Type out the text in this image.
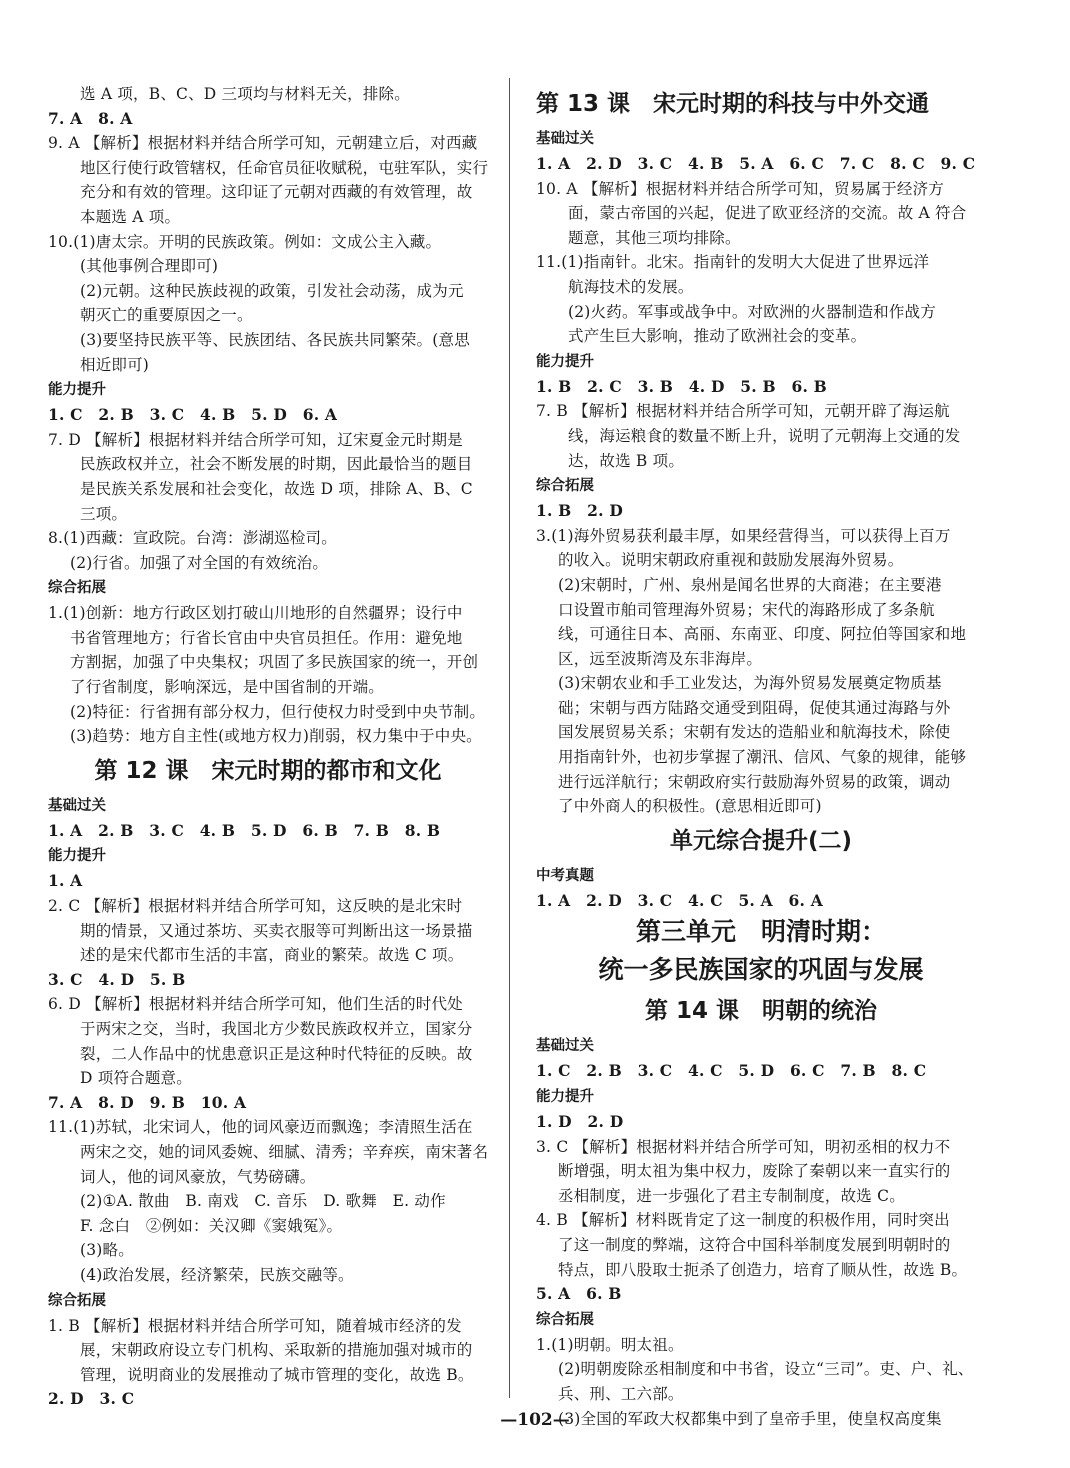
选 A 项，B、C、D 三项均与材料无关，排除。
7. A　8. A
9. A 【解析】根据材料并结合所学可知，元朝建立后，对西藏
地区行使行政管辖权，任命官员征收赋税，屯驻军队，实行
充分和有效的管理。这印证了元朝对西藏的有效管理，故
本题选 A 项。
10.(1)唐太宗。开明的民族政策。例如：文成公主入藏。
(其他事例合理即可)
(2)元朝。这种民族歧视的政策，引发社会动荡，成为元
朝灭亡的重要原因之一。
(3)要坚持民族平等、民族团结、各民族共同繁荣。(意思
相近即可)
能力提升
1. C　2. B　3. C　4. B　5. D　6. A
7. D 【解析】根据材料并结合所学可知，辽宋夏金元时期是
民族政权并立，社会不断发展的时期，因此最恰当的题目
是民族关系发展和社会变化，故选 D 项，排除 A、B、C
三项。
8.(1)西藏：宣政院。台湾：澎湖巡检司。
(2)行省。加强了对全国的有效统治。
综合拓展
1.(1)创新：地方行政区划打破山川地形的自然疆界；设行中
书省管理地方；行省长官由中央官员担任。作用：避免地
方割据，加强了中央集权；巩固了多民族国家的统一，开创
了行省制度，影响深远，是中国省制的开端。
(2)特征：行省拥有部分权力，但行使权力时受到中央节制。
(3)趋势：地方自主性(或地方权力)削弱，权力集中于中央。
第 12 课　宋元时期的都市和文化
基础过关
1. A　2. B　3. C　4. B　5. D　6. B　7. B　8. B
能力提升
1. A
2. C 【解析】根据材料并结合所学可知，这反映的是北宋时
期的情景，又通过茶坊、买卖衣服等可判断出这一场景描
述的是宋代都市生活的丰富，商业的繁荣。故选 C 项。
3. C　4. D　5. B
6. D 【解析】根据材料并结合所学可知，他们生活的时代处
于两宋之交，当时，我国北方少数民族政权并立，国家分
裂，二人作品中的忧患意识正是这种时代特征的反映。故
D 项符合题意。
7. A　8. D　9. B　10. A
11.(1)苏轼，北宋词人，他的词风豪迈而飘逸；李清照生活在
两宋之交，她的词风委婉、细腻、清秀；辛弃疾，南宋著名
词人，他的词风豪放，气势磅礴。
(2)①A. 散曲　B. 南戏　C. 音乐　D. 歌舞　E. 动作
F. 念白　②例如：关汉卿《窦娥冤》。
(3)略。
(4)政治发展，经济繁荣，民族交融等。
综合拓展
1. B 【解析】根据材料并结合所学可知，随着城市经济的发
展，宋朝政府设立专门机构、采取新的措施加强对城市的
管理，说明商业的发展推动了城市管理的变化，故选 B。
2. D　3. C
第 13 课　宋元时期的科技与中外交通
基础过关
1. A　2. D　3. C　4. B　5. A　6. C　7. C　8. C　9. C
10. A 【解析】根据材料并结合所学可知，贸易属于经济方
面，蒙古帝国的兴起，促进了欧亚经济的交流。故 A 符合
题意，其他三项均排除。
11.(1)指南针。北宋。指南针的发明大大促进了世界远洋
航海技术的发展。
(2)火药。军事或战争中。对欧洲的火器制造和作战方
式产生巨大影响，推动了欧洲社会的变革。
能力提升
1. B　2. C　3. B　4. D　5. B　6. B
7. B 【解析】根据材料并结合所学可知，元朝开辟了海运航
线，海运粮食的数量不断上升，说明了元朝海上交通的发
达，故选 B 项。
综合拓展
1. B　2. D
3.(1)海外贸易获利最丰厚，如果经营得当，可以获得上百万
的收入。说明宋朝政府重视和鼓励发展海外贸易。
(2)宋朝时，广州、泉州是闻名世界的大商港；在主要港
口设置市舶司管理海外贸易；宋代的海路形成了多条航
线，可通往日本、高丽、东南亚、印度、阿拉伯等国家和地
区，远至波斯湾及东非海岸。
(3)宋朝农业和手工业发达，为海外贸易发展奠定物质基
础；宋朝与西方陆路交通受到阻碍，促使其通过海路与外
国发展贸易关系；宋朝有发达的造船业和航海技术，除使
用指南针外，也初步掌握了潮汛、信风、气象的规律，能够
进行远洋航行；宋朝政府实行鼓励海外贸易的政策，调动
了中外商人的积极性。(意思相近即可)
单元综合提升(二)
中考真题
1. A　2. D　3. C　4. C　5. A　6. A
第三单元　明清时期：
统一多民族国家的巩固与发展
第 14 课　明朝的统治
基础过关
1. C　2. B　3. C　4. C　5. D　6. C　7. B　8. C
能力提升
1. D　2. D
3. C 【解析】根据材料并结合所学可知，明初丞相的权力不
断增强，明太祖为集中权力，废除了秦朝以来一直实行的
丞相制度，进一步强化了君主专制制度，故选 C。
4. B 【解析】材料既肯定了这一制度的积极作用，同时突出
了这一制度的弊端，这符合中国科举制度发展到明朝时的
特点，即八股取士扼杀了创造力，培育了顺从性，故选 B。
5. A　6. B
综合拓展
1.(1)明朝。明太祖。
(2)明朝废除丞相制度和中书省，设立“三司”。吏、户、礼、
兵、刑、工六部。
(3)全国的军政大权都集中到了皇帝手里，使皇权高度集
—102—
